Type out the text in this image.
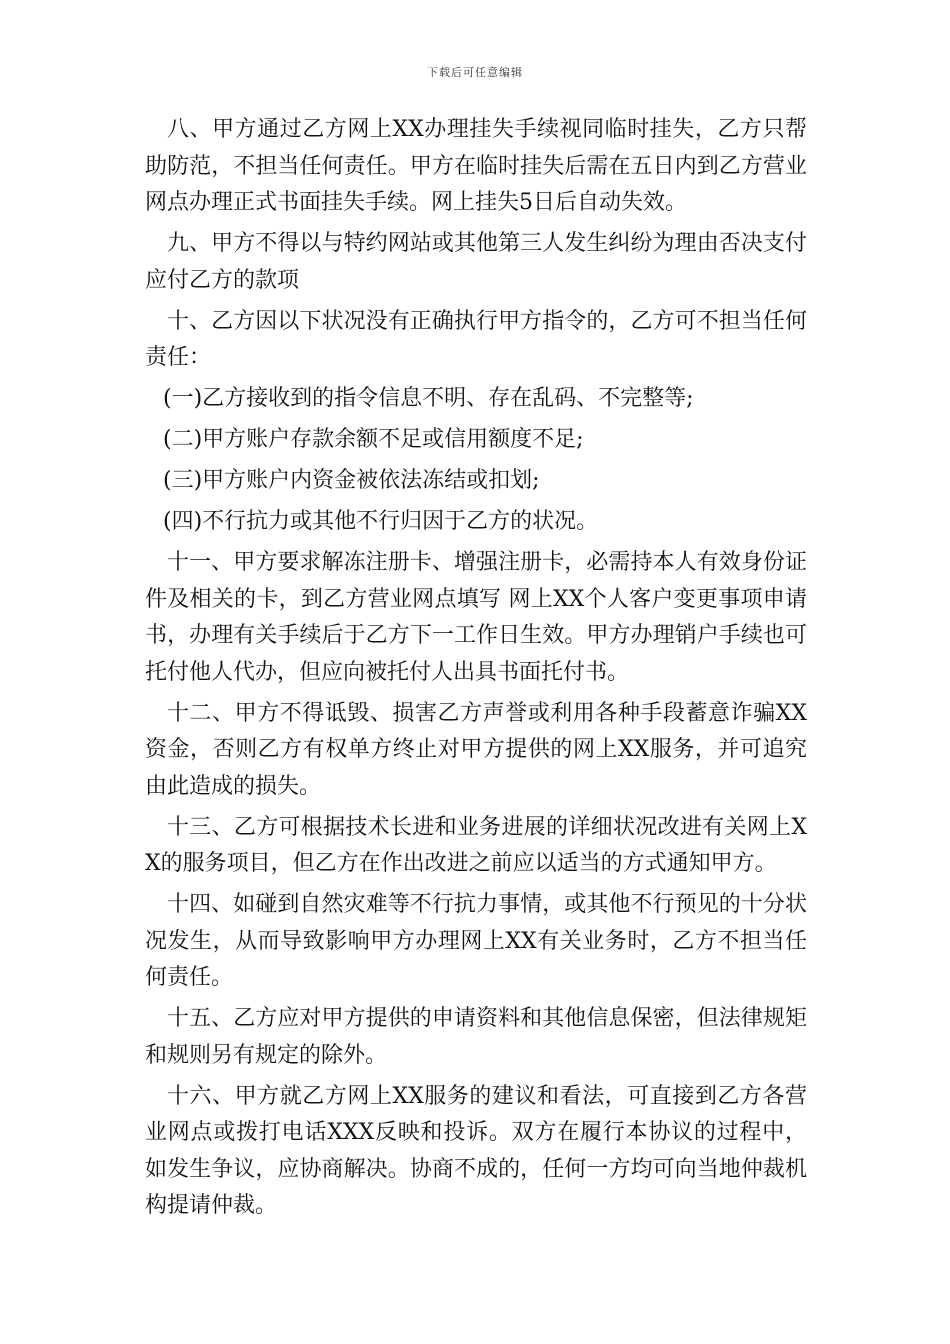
下载后可任意编辑

八、甲方通过乙方网上XX办理挂失手续视同临时挂失，乙方只帮助防范，不担当任何责任。甲方在临时挂失后需在五日内到乙方营业网点办理正式书面挂失手续。网上挂失5日后自动失效。

九、甲方不得以与特约网站或其他第三人发生纠纷为理由否决支付应付乙方的款项

十、乙方因以下状况没有正确执行甲方指令的，乙方可不担当任何责任：

(一)乙方接收到的指令信息不明、存在乱码、不完整等;

(二)甲方账户存款余额不足或信用额度不足;

(三)甲方账户内资金被依法冻结或扣划;

(四)不行抗力或其他不行归因于乙方的状况。

十一、甲方要求解冻注册卡、增强注册卡，必需持本人有效身份证件及相关的卡，到乙方营业网点填写 网上XX个人客户变更事项申请书，办理有关手续后于乙方下一工作日生效。甲方办理销户手续也可托付他人代办，但应向被托付人出具书面托付书。

十二、甲方不得诋毁、损害乙方声誉或利用各种手段蓄意诈骗XX资金，否则乙方有权单方终止对甲方提供的网上XX服务，并可追究由此造成的损失。

十三、乙方可根据技术长进和业务进展的详细状况改进有关网上XX的服务项目，但乙方在作出改进之前应以适当的方式通知甲方。

十四、如碰到自然灾难等不行抗力事情，或其他不行预见的十分状况发生，从而导致影响甲方办理网上XX有关业务时，乙方不担当任何责任。

十五、乙方应对甲方提供的申请资料和其他信息保密，但法律规矩和规则另有规定的除外。

十六、甲方就乙方网上XX服务的建议和看法，可直接到乙方各营业网点或拨打电话XXX反映和投诉。双方在履行本协议的过程中，如发生争议，应协商解决。协商不成的，任何一方均可向当地仲裁机构提请仲裁。
